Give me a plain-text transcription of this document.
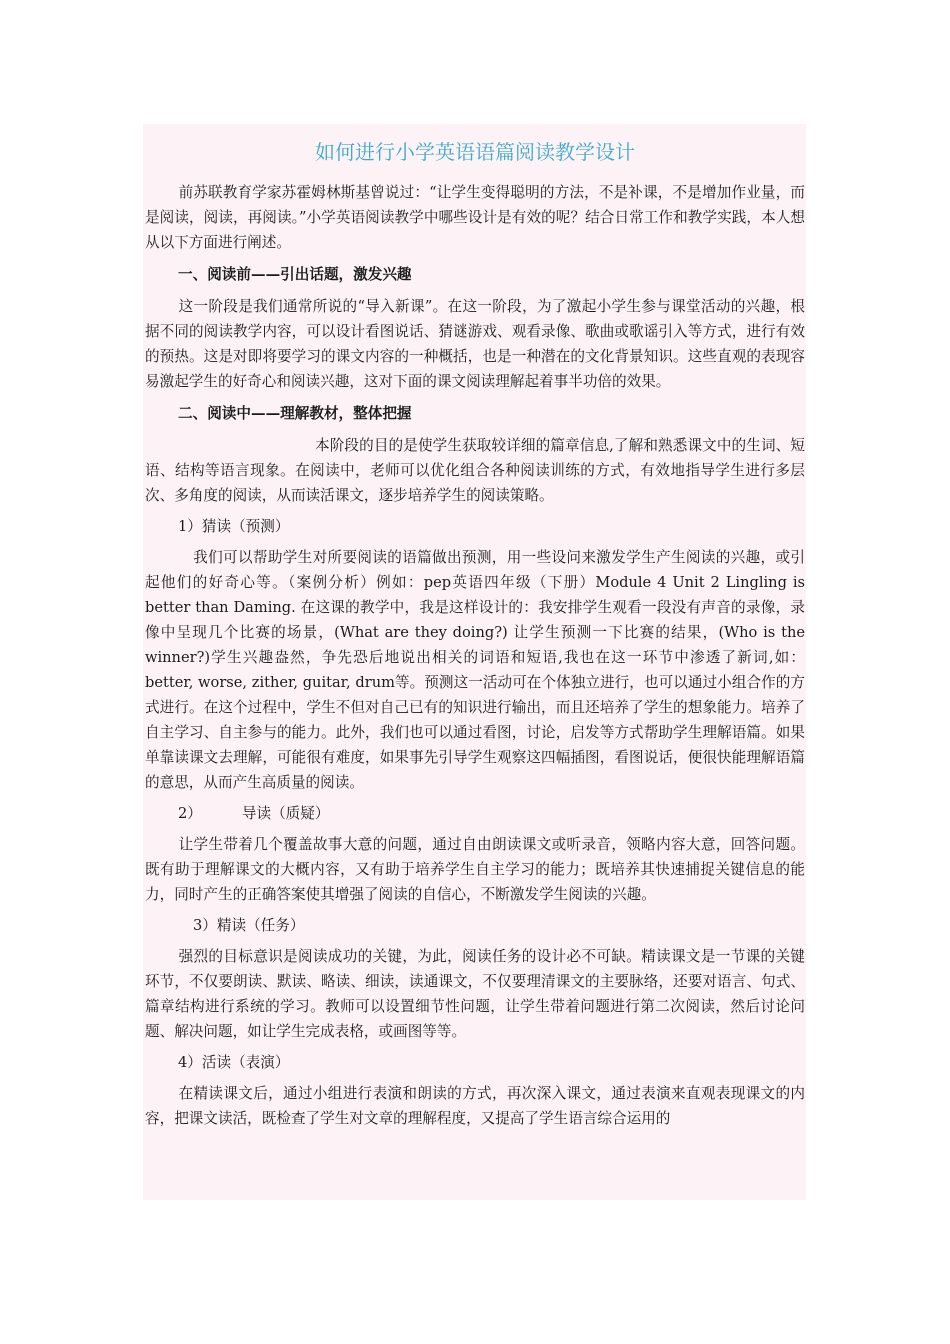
如何进行小学英语语篇阅读教学设计

前苏联教育学家苏霍姆林斯基曾说过：“让学生变得聪明的方法，不是补课，不是增加作业量，而是阅读，阅读，再阅读。”小学英语阅读教学中哪些设计是有效的呢？结合日常工作和教学实践，本人想从以下方面进行阐述。

一、阅读前——引出话题，激发兴趣

这一阶段是我们通常所说的“导入新课”。在这一阶段，为了激起小学生参与课堂活动的兴趣，根据不同的阅读教学内容，可以设计看图说话、猜谜游戏、观看录像、歌曲或歌谣引入等方式，进行有效的预热。这是对即将要学习的课文内容的一种概括，也是一种潜在的文化背景知识。这些直观的表现容易激起学生的好奇心和阅读兴趣，这对下面的课文阅读理解起着事半功倍的效果。

二、阅读中——理解教材，整体把握

本阶段的目的是使学生获取较详细的篇章信息,了解和熟悉课文中的生词、短语、结构等语言现象。在阅读中，老师可以优化组合各种阅读训练的方式，有效地指导学生进行多层次、多角度的阅读，从而读活课文，逐步培养学生的阅读策略。

1）猜读（预测）

我们可以帮助学生对所要阅读的语篇做出预测，用一些设问来激发学生产生阅读的兴趣，或引起他们的好奇心等。（案例分析）例如：pep英语四年级（下册）Module 4 Unit 2 Lingling is better than Daming. 在这课的教学中，我是这样设计的：我安排学生观看一段没有声音的录像，录像中呈现几个比赛的场景，(What are they doing?) 让学生预测一下比赛的结果，(Who is the winner?)学生兴趣盎然，争先恐后地说出相关的词语和短语,我也在这一环节中渗透了新词,如：better, worse, zither, guitar, drum等。预测这一活动可在个体独立进行，也可以通过小组合作的方式进行。在这个过程中，学生不但对自己已有的知识进行输出，而且还培养了学生的想象能力。培养了自主学习、自主参与的能力。此外，我们也可以通过看图，讨论，启发等方式帮助学生理解语篇。如果单靠读课文去理解，可能很有难度，如果事先引导学生观察这四幅插图，看图说话，便很快能理解语篇的意思，从而产生高质量的阅读。

2）	导读（质疑）

让学生带着几个覆盖故事大意的问题，通过自由朗读课文或听录音，领略内容大意，回答问题。既有助于理解课文的大概内容，又有助于培养学生自主学习的能力；既培养其快速捕捉关键信息的能力，同时产生的正确答案使其增强了阅读的自信心，不断激发学生阅读的兴趣。

3）精读（任务）

强烈的目标意识是阅读成功的关键，为此，阅读任务的设计必不可缺。精读课文是一节课的关键环节，不仅要朗读、默读、略读、细读，读通课文，不仅要理清课文的主要脉络，还要对语言、句式、篇章结构进行系统的学习。教师可以设置细节性问题，让学生带着问题进行第二次阅读，然后讨论问题、解决问题，如让学生完成表格，或画图等等。

4）活读（表演）

在精读课文后，通过小组进行表演和朗读的方式，再次深入课文，通过表演来直观表现课文的内容，把课文读活，既检查了学生对文章的理解程度，又提高了学生语言综合运用的
